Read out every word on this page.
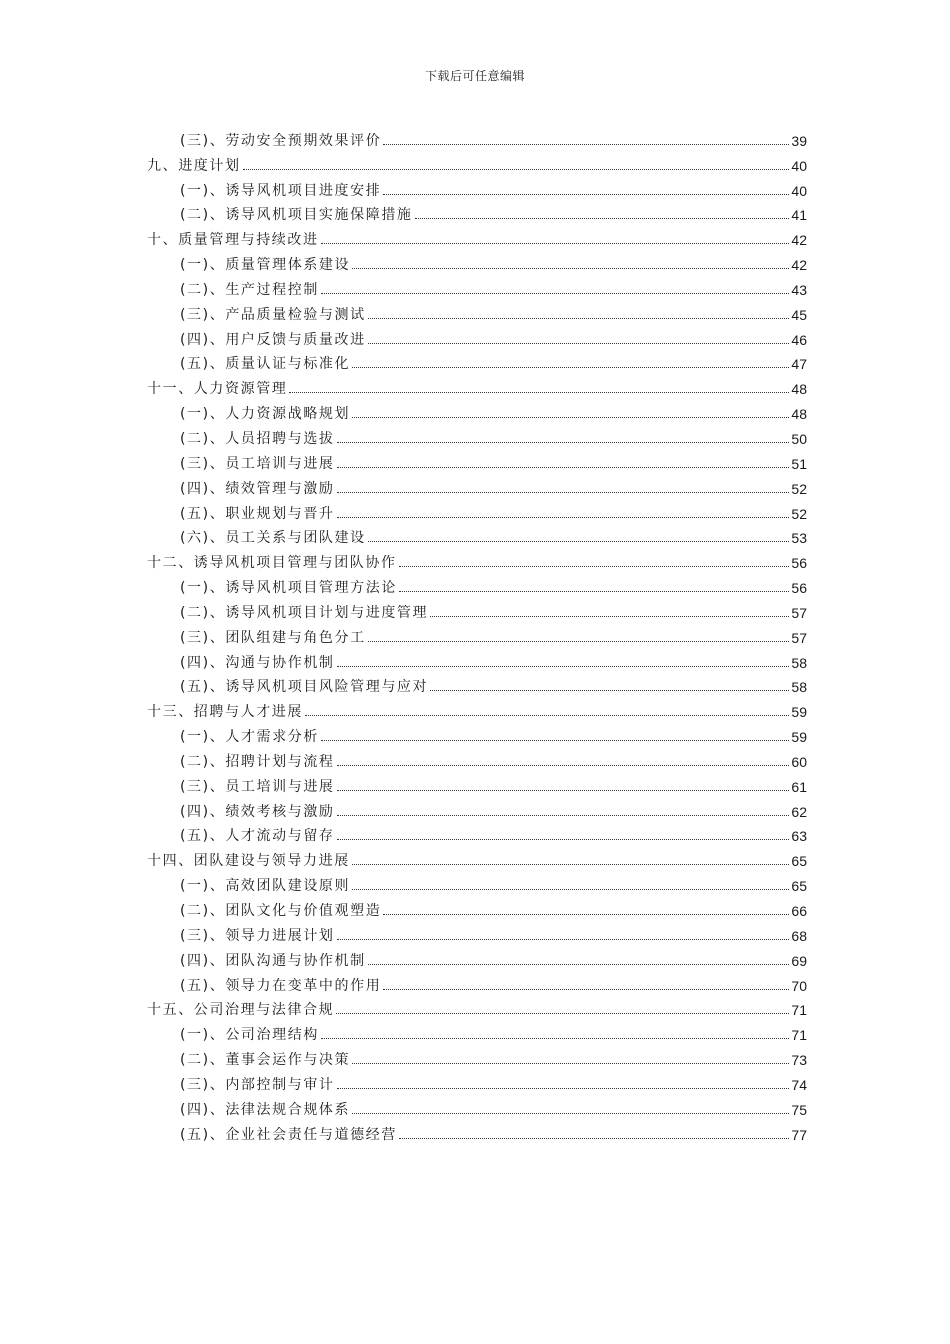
下载后可任意编辑
(三)、劳动安全预期效果评价	39
九、进度计划	40
(一)、诱导风机项目进度安排	40
(二)、诱导风机项目实施保障措施	41
十、质量管理与持续改进	42
(一)、质量管理体系建设	42
(二)、生产过程控制	43
(三)、产品质量检验与测试	45
(四)、用户反馈与质量改进	46
(五)、质量认证与标准化	47
十一、人力资源管理	48
(一)、人力资源战略规划	48
(二)、人员招聘与选拔	50
(三)、员工培训与进展	51
(四)、绩效管理与激励	52
(五)、职业规划与晋升	52
(六)、员工关系与团队建设	53
十二、诱导风机项目管理与团队协作	56
(一)、诱导风机项目管理方法论	56
(二)、诱导风机项目计划与进度管理	57
(三)、团队组建与角色分工	57
(四)、沟通与协作机制	58
(五)、诱导风机项目风险管理与应对	58
十三、招聘与人才进展	59
(一)、人才需求分析	59
(二)、招聘计划与流程	60
(三)、员工培训与进展	61
(四)、绩效考核与激励	62
(五)、人才流动与留存	63
十四、团队建设与领导力进展	65
(一)、高效团队建设原则	65
(二)、团队文化与价值观塑造	66
(三)、领导力进展计划	68
(四)、团队沟通与协作机制	69
(五)、领导力在变革中的作用	70
十五、公司治理与法律合规	71
(一)、公司治理结构	71
(二)、董事会运作与决策	73
(三)、内部控制与审计	74
(四)、法律法规合规体系	75
(五)、企业社会责任与道德经营	77
